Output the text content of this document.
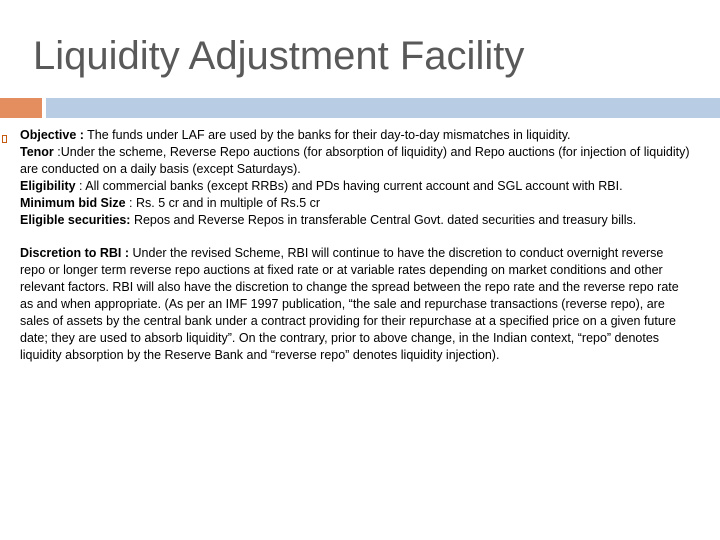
Liquidity Adjustment Facility

Objective : The funds under LAF are used by the banks for their day-to-day mismatches in liquidity.

Tenor :Under the scheme, Reverse Repo auctions (for absorption of liquidity) and Repo auctions (for injection of liquidity) are conducted on a daily basis (except Saturdays).

Eligibility : All commercial banks (except RRBs) and PDs having current account and SGL account with RBI.

Minimum bid Size : Rs. 5 cr and in multiple of Rs.5 cr

Eligible securities: Repos and Reverse Repos in transferable Central Govt. dated securities and treasury bills.

Discretion to RBI : Under the revised Scheme, RBI will continue to have the discretion to conduct overnight reverse repo or longer term reverse repo auctions at fixed rate or at variable rates depending on market conditions and other relevant factors. RBI will also have the discretion to change the spread between the repo rate and the reverse repo rate as and when appropriate. (As per an IMF 1997 publication, “the sale and repurchase transactions (reverse repo), are sales of assets by the central bank under a contract providing for their repurchase at a specified price on a given future date; they are used to absorb liquidity”. On the contrary, prior to above change, in the Indian context, “repo” denotes liquidity absorption by the Reserve Bank and “reverse repo” denotes liquidity injection).
